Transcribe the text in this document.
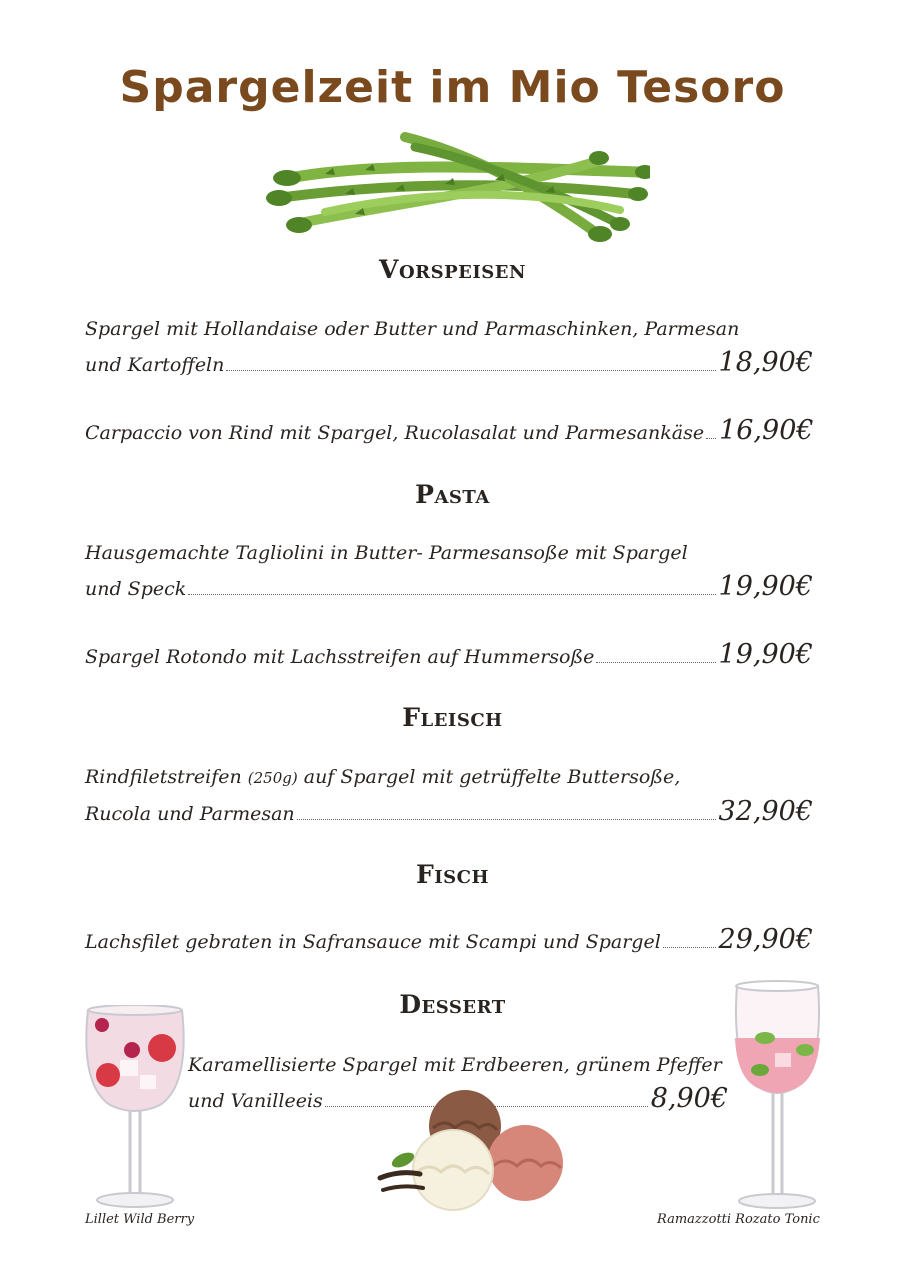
Spargelzeit im Mio Tesoro
Vorspeisen
Spargel mit Hollandaise oder Butter und Parmaschinken, Parmesan
und Kartoffeln	18,90€
Carpaccio von Rind mit Spargel, Rucolasalat und Parmesankäse 16,90€
Pasta
Hausgemachte Tagliolini in Butter- Parmesansoße mit Spargel
und Speck	19,90€
Spargel Rotondo mit Lachsstreifen auf Hummersoße	19,90€
Fleisch
Rindfiletstreifen (250g) auf Spargel mit getrüffelte Buttersoße,
Rucola und Parmesan	32,90€
Fisch
Lachsfilet gebraten in Safransauce mit Scampi und Spargel 29,90€
Dessert
Karamellisierte Spargel mit Erdbeeren, grünem Pfeffer
und Vanilleeis	8,90€
Lillet Wild Berry	Ramazzotti Rozato Tonic
